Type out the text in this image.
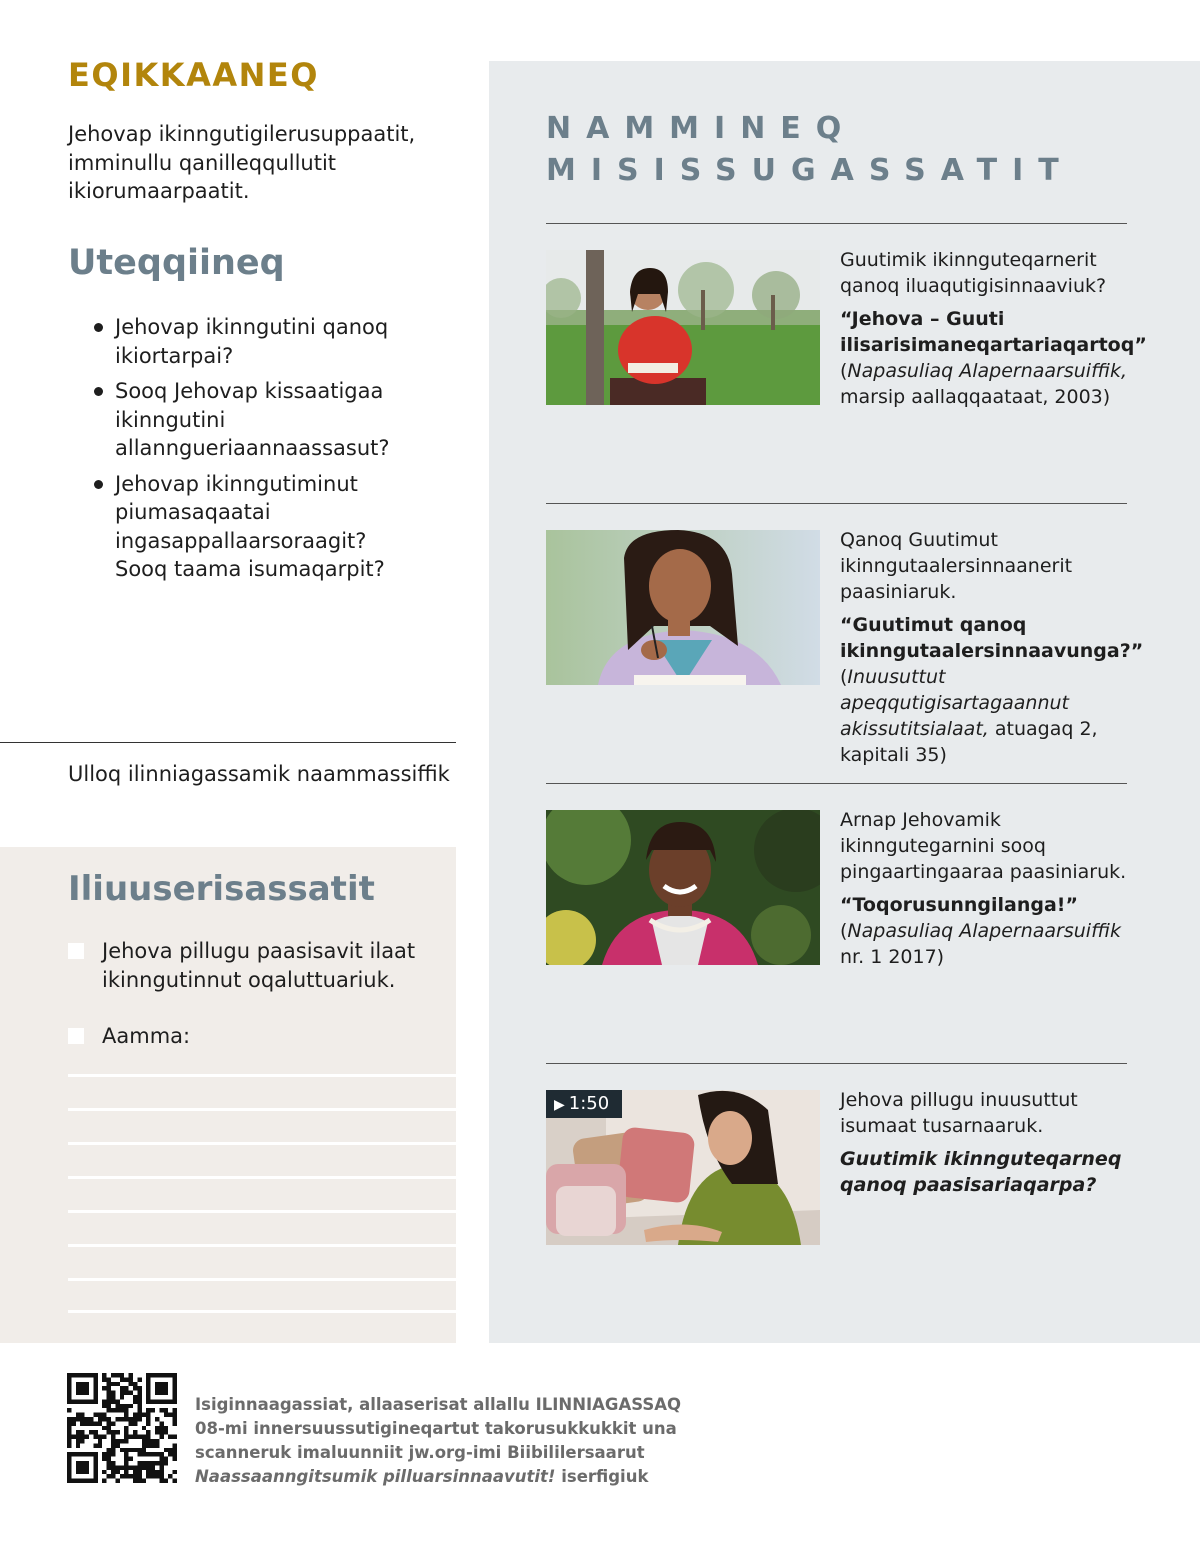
EQIKKAANEQ

Jehovap ikinngutigilerusuppaatit, imminullu qanilleqqullutit ikiorumaarpaatit.

Uteqqiineq
Jehovap ikinngutini qanoq ikiortarpai?
Sooq Jehovap kissaatigaa ikinngutini allanngueriaannaassasut?
Jehovap ikinngutiminut piumasaqaatai ingasappallaarsoraagit? Sooq taama isumaqarpit?

Ulloq ilinniagassamik naammassiffik

Iliuuserisassatit
Jehova pillugu paasisavit ilaat ikinngutinnut oqaluttuariuk.
Aamma:
NAMMINEQ
MISISSUGASSATIT

Guutimik ikinnguteqarnerit qanoq iluaqutigisinnaaviuk?

“Jehova – Guuti ilisarisimaneqartariaqartoq” (Napasuliaq Alapernaarsuiffik, marsip aallaqqaataat, 2003)

Qanoq Guutimut ikinngutaalersinnaanerit paasiniaruk.

“Guutimut qanoq ikinngutaalersinnaavunga?” (Inuusuttut apeqqutigisartagaannut akissutitsialaat, atuagaq 2, kapitali 35)

Arnap Jehovamik ikinngutegarnini sooq pingaartingaaraa paasiniaruk.

“Toqorusunngilanga!”

(Napasuliaq Alapernaarsuiffik nr. 1 2017)

▶ 1:50	Jehova pillugu inuusuttut isumaat tusarnaaruk.

Guutimik ikinnguteqarneq qanoq paasisariaqarpa?

Isiginnaagassiat, allaaserisat allallu ILINNIAGASSAQ 08-mi innersuussutigineqartut takorusukkukkit una scanneruk imaluunniit jw.org-imi Biibililersaarut Naassaanngitsumik pilluarsinnaavutit! iserfigiuk
